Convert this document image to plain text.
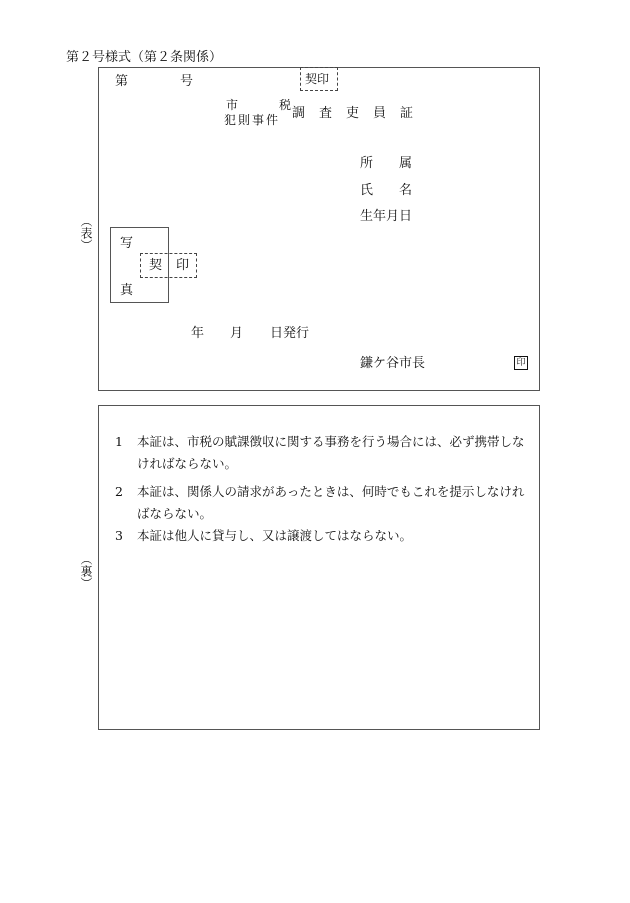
第２号様式（第２条関係）
（表）
第	号	契印
市	税
犯則事件 調 査 吏 員 証
所 属
氏 名
生年月日
写
真
契 印
年 月 日発行
鎌ケ谷市長	印
（裏）
1 本証は、市税の賦課徴収に関する事務を行う場合には、必ず携帯しなければならない。
2 本証は、関係人の請求があったときは、何時でもこれを提示しなければならない。
3 本証は他人に貸与し、又は譲渡してはならない。
